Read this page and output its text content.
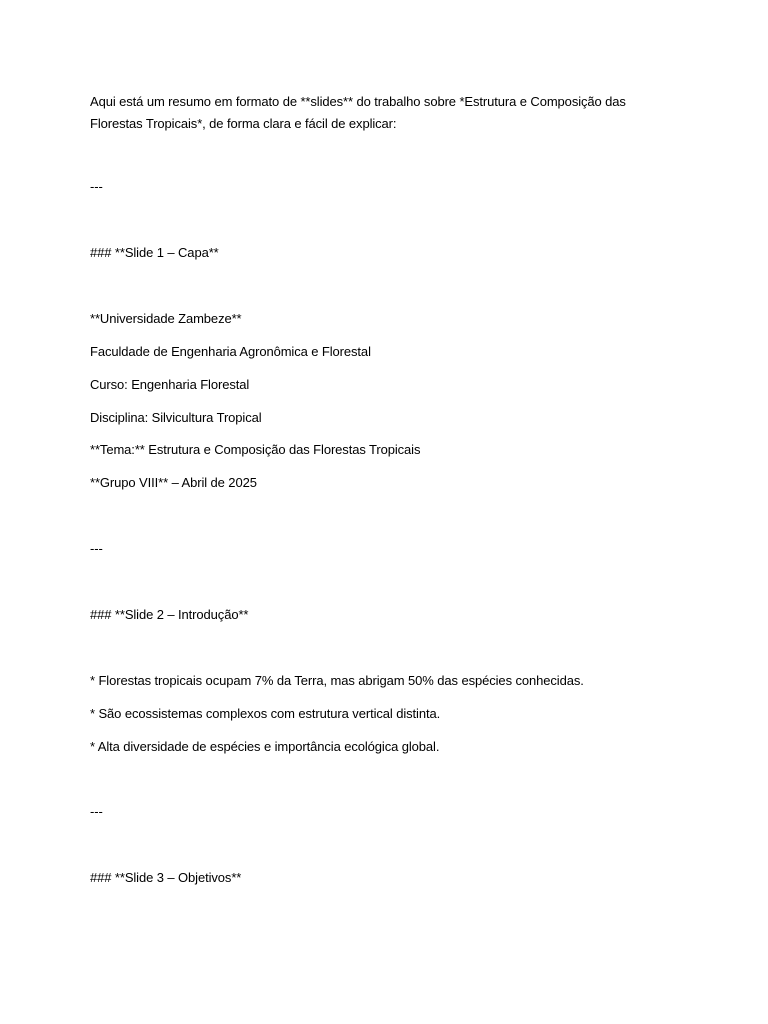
Aqui está um resumo em formato de **slides** do trabalho sobre *Estrutura e Composição das
Florestas Tropicais*, de forma clara e fácil de explicar:
---
### **Slide 1 – Capa**
**Universidade Zambeze**
Faculdade de Engenharia Agronômica e Florestal
Curso: Engenharia Florestal
Disciplina: Silvicultura Tropical
**Tema:** Estrutura e Composição das Florestas Tropicais
**Grupo VIII** – Abril de 2025
---
### **Slide 2 – Introdução**
* Florestas tropicais ocupam 7% da Terra, mas abrigam 50% das espécies conhecidas.
* São ecossistemas complexos com estrutura vertical distinta.
* Alta diversidade de espécies e importância ecológica global.
---
### **Slide 3 – Objetivos**
